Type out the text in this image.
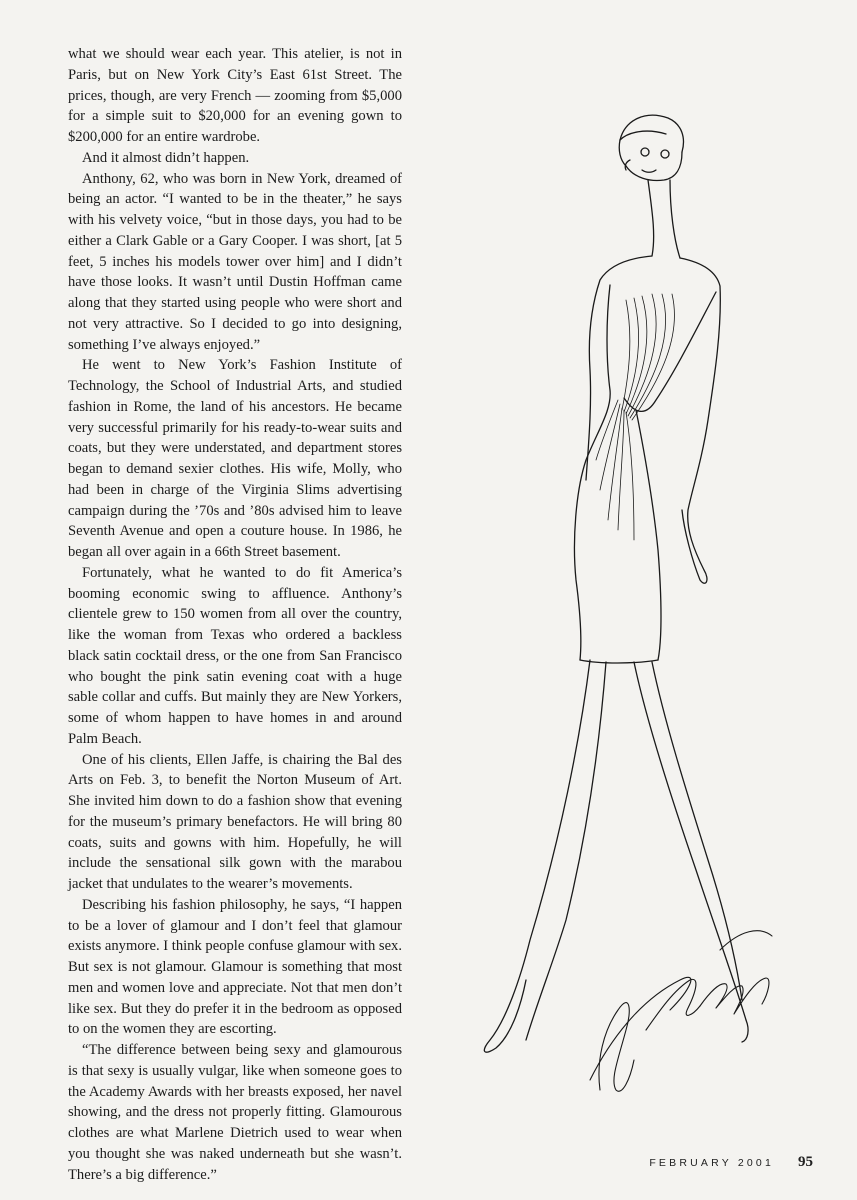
what we should wear each year. This atelier, is not in Paris, but on New York City’s East 61st Street. The prices, though, are very French — zooming from $5,000 for a simple suit to $20,000 for an evening gown to $200,000 for an entire wardrobe.

And it almost didn’t happen.

Anthony, 62, who was born in New York, dreamed of being an actor. “I wanted to be in the theater,” he says with his velvety voice, “but in those days, you had to be either a Clark Gable or a Gary Cooper. I was short, [at 5 feet, 5 inches his models tower over him] and I didn’t have those looks. It wasn’t until Dustin Hoffman came along that they started using people who were short and not very attractive. So I decided to go into designing, something I’ve always enjoyed.”

He went to New York’s Fashion Institute of Technology, the School of Industrial Arts, and studied fashion in Rome, the land of his ancestors. He became very successful primarily for his ready-to-wear suits and coats, but they were understated, and department stores began to demand sexier clothes. His wife, Molly, who had been in charge of the Virginia Slims advertising campaign during the ’70s and ’80s advised him to leave Seventh Avenue and open a couture house. In 1986, he began all over again in a 66th Street basement.

Fortunately, what he wanted to do fit America’s booming economic swing to affluence. Anthony’s clientele grew to 150 women from all over the country, like the woman from Texas who ordered a backless black satin cocktail dress, or the one from San Francisco who bought the pink satin evening coat with a huge sable collar and cuffs. But mainly they are New Yorkers, some of whom happen to have homes in and around Palm Beach.

One of his clients, Ellen Jaffe, is chairing the Bal des Arts on Feb. 3, to benefit the Norton Museum of Art. She invited him down to do a fashion show that evening for the museum’s primary benefactors. He will bring 80 coats, suits and gowns with him. Hopefully, he will include the sensational silk gown with the marabou jacket that undulates to the wearer’s movements.

Describing his fashion philosophy, he says, “I happen to be a lover of glamour and I don’t feel that glamour exists anymore. I think people confuse glamour with sex. But sex is not glamour. Glamour is something that most men and women love and appreciate. Not that men don’t like sex. But they do prefer it in the bedroom as opposed to on the women they are escorting.

“The difference between being sexy and glamourous is that sexy is usually vulgar, like when someone goes to the Academy Awards with her breasts exposed, her navel showing, and the dress not properly fitting. Glamourous clothes are what Marlene Dietrich used to wear when you thought she was naked underneath but she wasn’t. There’s a big difference.”

FEBRUARY 2001 95
